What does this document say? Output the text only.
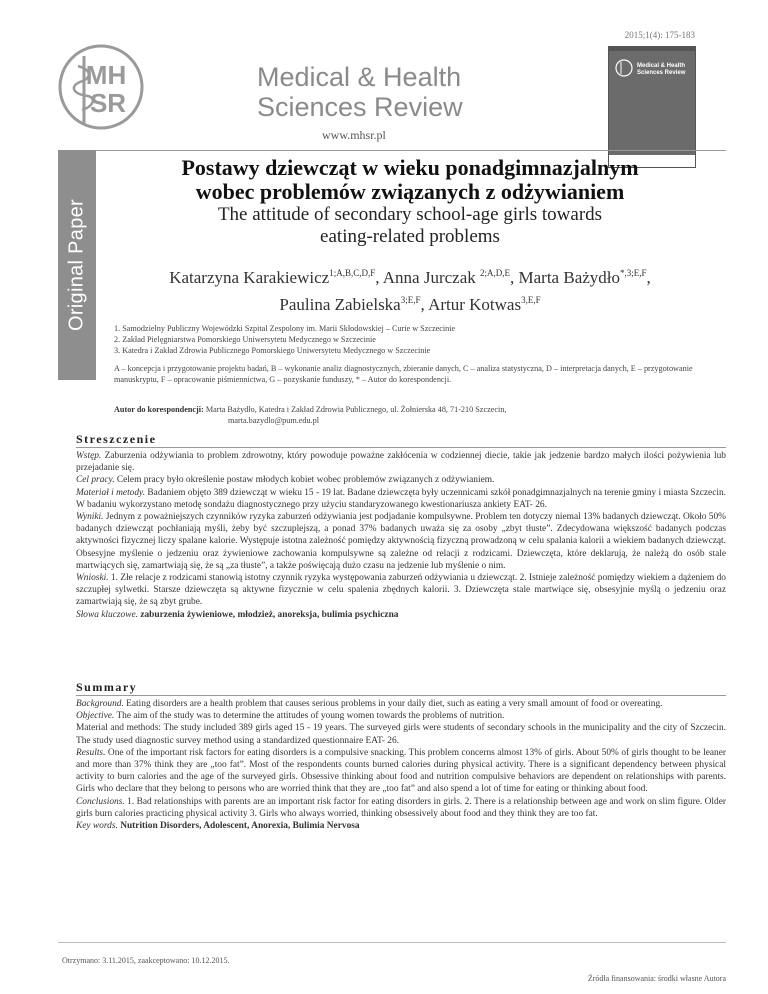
2015;1(4): 175-183
MH
SR
Medical & Health
Sciences Review
www.mhsr.pl
Medical & Health
Sciences Review
Original Paper
Postawy dziewcząt w wieku ponadgimnazjalnym
wobec problemów związanych z odżywianiem
The attitude of secondary school-age girls towards
eating-related problems
Katarzyna Karakiewicz$^{1;A,B,C,D,F}$, Anna Jurczak $^{2;A,D,E}$, Marta Bażydło$^{*,3;E,F}$,
Paulina Zabielska$^{3;E,F}$, Artur Kotwas$^{3,E,F}$
1. Samodzielny Publiczny Wojewódzki Szpital Zespolony im. Marii Skłodowskiej – Curie w Szczecinie
2. Zakład Pielęgniarstwa Pomorskiego Uniwersytetu Medycznego w Szczecinie
3. Katedra i Zakład Zdrowia Publicznego Pomorskiego Uniwersytetu Medycznego w Szczecinie
A – koncepcja i przygotowanie projektu badań, B – wykonanie analiz diagnostycznych, zbieranie danych, C – analiza statystyczna, D – interpretacja danych, E – przygotowanie manuskryptu, F – opracowanie piśmiennictwa, G – pozyskanie funduszy, * – Autor do korespondencji.
Autor do korespondencji: Marta Bażydło, Katedra i Zakład Zdrowia Publicznego, ul. Żołnierska 48, 71-210 Szczecin,
marta.bazydlo@pum.edu.pl
Streszczenie

Wstęp. Zaburzenia odżywiania to problem zdrowotny, który powoduje poważne zakłócenia w codziennej diecie, takie jak jedzenie bardzo małych ilości pożywienia lub przejadanie się.

Cel pracy. Celem pracy było określenie postaw młodych kobiet wobec problemów związanych z odżywianiem.

Materiał i metody. Badaniem objęto 389 dziewcząt w wieku 15 - 19 lat. Badane dziewczęta były uczennicami szkół ponadgimnazjalnych na terenie gminy i miasta Szczecin. W badaniu wykorzystano metodę sondażu diagnostycznego przy użyciu standaryzowanego kwestionariusza ankiety EAT- 26.

Wyniki. Jednym z poważniejszych czynników ryzyka zaburzeń odżywiania jest podjadanie kompulsywne. Problem ten dotyczy niemal 13% badanych dziewcząt. Około 50% badanych dziewcząt pochłaniają myśli, żeby być szczuplejszą, a ponad 37% badanych uważa się za osoby „zbyt tłuste”. Zdecydowana większość badanych podczas aktywności fizycznej liczy spalane kalorie. Występuje istotna zależność pomiędzy aktywnością fizyczną prowadzoną w celu spalania kalorii a wiekiem badanych dziewcząt. Obsesyjne myślenie o jedzeniu oraz żywieniowe zachowania kompulsywne są zależne od relacji z rodzicami. Dziewczęta, które deklarują, że należą do osób stale martwiących się, zamartwiają się, że są „za tłuste”, a także poświęcają dużo czasu na jedzenie lub myślenie o nim.

Wnioski. 1. Złe relacje z rodzicami stanowią istotny czynnik ryzyka występowania zaburzeń odżywiania u dziewcząt. 2. Istnieje zależność pomiędzy wiekiem a dążeniem do szczupłej sylwetki. Starsze dziewczęta są aktywne fizycznie w celu spalenia zbędnych kalorii. 3. Dziewczęta stale martwiące się, obsesyjnie myślą o jedzeniu oraz zamartwiają się, że są zbyt grube.

Słowa kluczowe. zaburzenia żywieniowe, młodzież, anoreksja, bulimia psychiczna

Summary

Background. Eating disorders are a health problem that causes serious problems in your daily diet, such as eating a very small amount of food or overeating.

Objective. The aim of the study was to determine the attitudes of young women towards the problems of nutrition.

Material and methods: The study included 389 girls aged 15 - 19 years. The surveyed girls were students of secondary schools in the municipality and the city of Szczecin. The study used diagnostic survey method using a standardized questionnaire EAT- 26.

Results. One of the important risk factors for eating disorders is a compulsive snacking. This problem concerns almost 13% of girls. About 50% of girls thought to be leaner and more than 37% think they are „too fat”. Most of the respondents counts burned calories during physical activity. There is a significant dependency between physical activity to burn calories and the age of the surveyed girls. Obsessive thinking about food and nutrition compulsive behaviors are dependent on relationships with parents. Girls who declare that they belong to persons who are worried think that they are „too fat” and also spend a lot of time for eating or thinking about food.

Conclusions. 1. Bad relationships with parents are an important risk factor for eating disorders in girls. 2. There is a relationship between age and work on slim figure. Older girls burn calories practicing physical activity 3. Girls who always worried, thinking obsessively about food and they think they are too fat.

Key words. Nutrition Disorders, Adolescent, Anorexia, Bulimia Nervosa

Otrzymano: 3.11.2015, zaakceptowano: 10.12.2015.
Źródła finansowania: środki własne Autora
